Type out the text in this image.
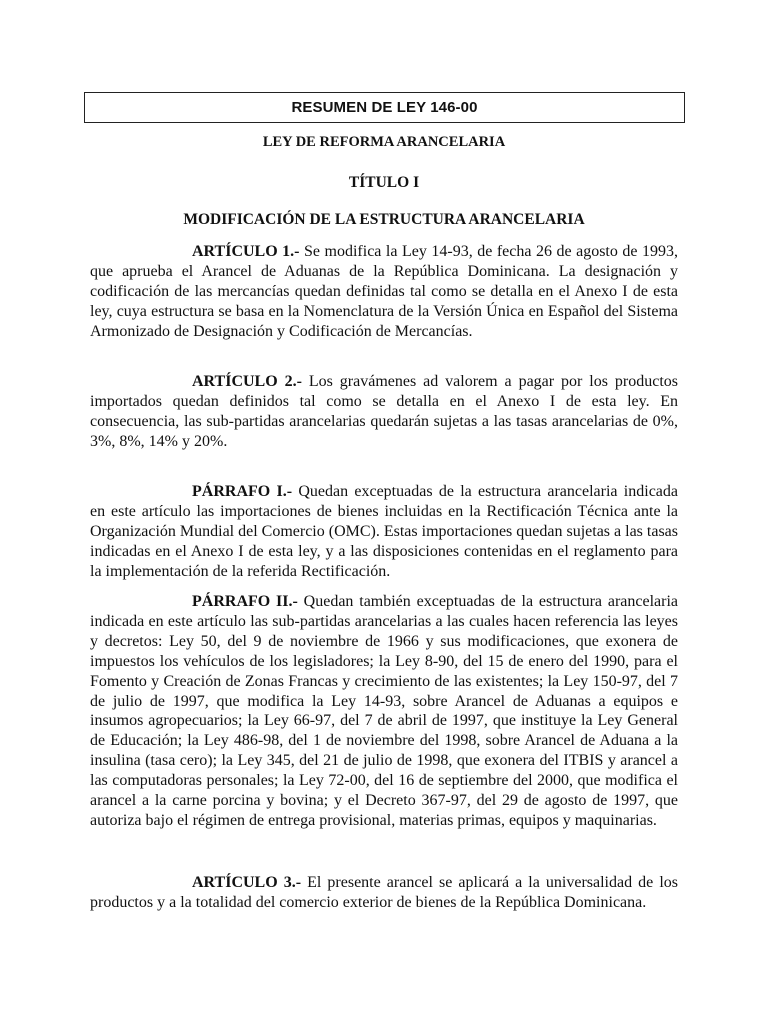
RESUMEN DE LEY 146-00
LEY DE REFORMA ARANCELARIA
TÍTULO I
MODIFICACIÓN DE LA ESTRUCTURA ARANCELARIA

ARTÍCULO 1.- Se modifica la Ley 14-93, de fecha 26 de agosto de 1993, que aprueba el Arancel de Aduanas de la República Dominicana. La designación y codificación de las mercancías quedan definidas tal como se detalla en el Anexo I de esta ley, cuya estructura se basa en la Nomenclatura de la Versión Única en Español del Sistema Armonizado de Designación y Codificación de Mercancías.

ARTÍCULO 2.- Los gravámenes ad valorem a pagar por los productos importados quedan definidos tal como se detalla en el Anexo I de esta ley. En consecuencia, las sub-partidas arancelarias quedarán sujetas a las tasas arancelarias de 0%, 3%, 8%, 14% y 20%.

PÁRRAFO I.- Quedan exceptuadas de la estructura arancelaria indicada en este artículo las importaciones de bienes incluidas en la Rectificación Técnica ante la Organización Mundial del Comercio (OMC). Estas importaciones quedan sujetas a las tasas indicadas en el Anexo I de esta ley, y a las disposiciones contenidas en el reglamento para la implementación de la referida Rectificación.

PÁRRAFO II.- Quedan también exceptuadas de la estructura arancelaria indicada en este artículo las sub-partidas arancelarias a las cuales hacen referencia las leyes y decretos: Ley 50, del 9 de noviembre de 1966 y sus modificaciones, que exonera de impuestos los vehículos de los legisladores; la Ley 8-90, del 15 de enero del 1990, para el Fomento y Creación de Zonas Francas y crecimiento de las existentes; la Ley 150-97, del 7 de julio de 1997, que modifica la Ley 14-93, sobre Arancel de Aduanas a equipos e insumos agropecuarios; la Ley 66-97, del 7 de abril de 1997, que instituye la Ley General de Educación; la Ley 486-98, del 1 de noviembre del 1998, sobre Arancel de Aduana a la insulina (tasa cero); la Ley 345, del 21 de julio de 1998, que exonera del ITBIS y arancel a las computadoras personales; la Ley 72-00, del 16 de septiembre del 2000, que modifica el arancel a la carne porcina y bovina; y el Decreto 367-97, del 29 de agosto de 1997, que autoriza bajo el régimen de entrega provisional, materias primas, equipos y maquinarias.

ARTÍCULO 3.- El presente arancel se aplicará a la universalidad de los productos y a la totalidad del comercio exterior de bienes de la República Dominicana.
